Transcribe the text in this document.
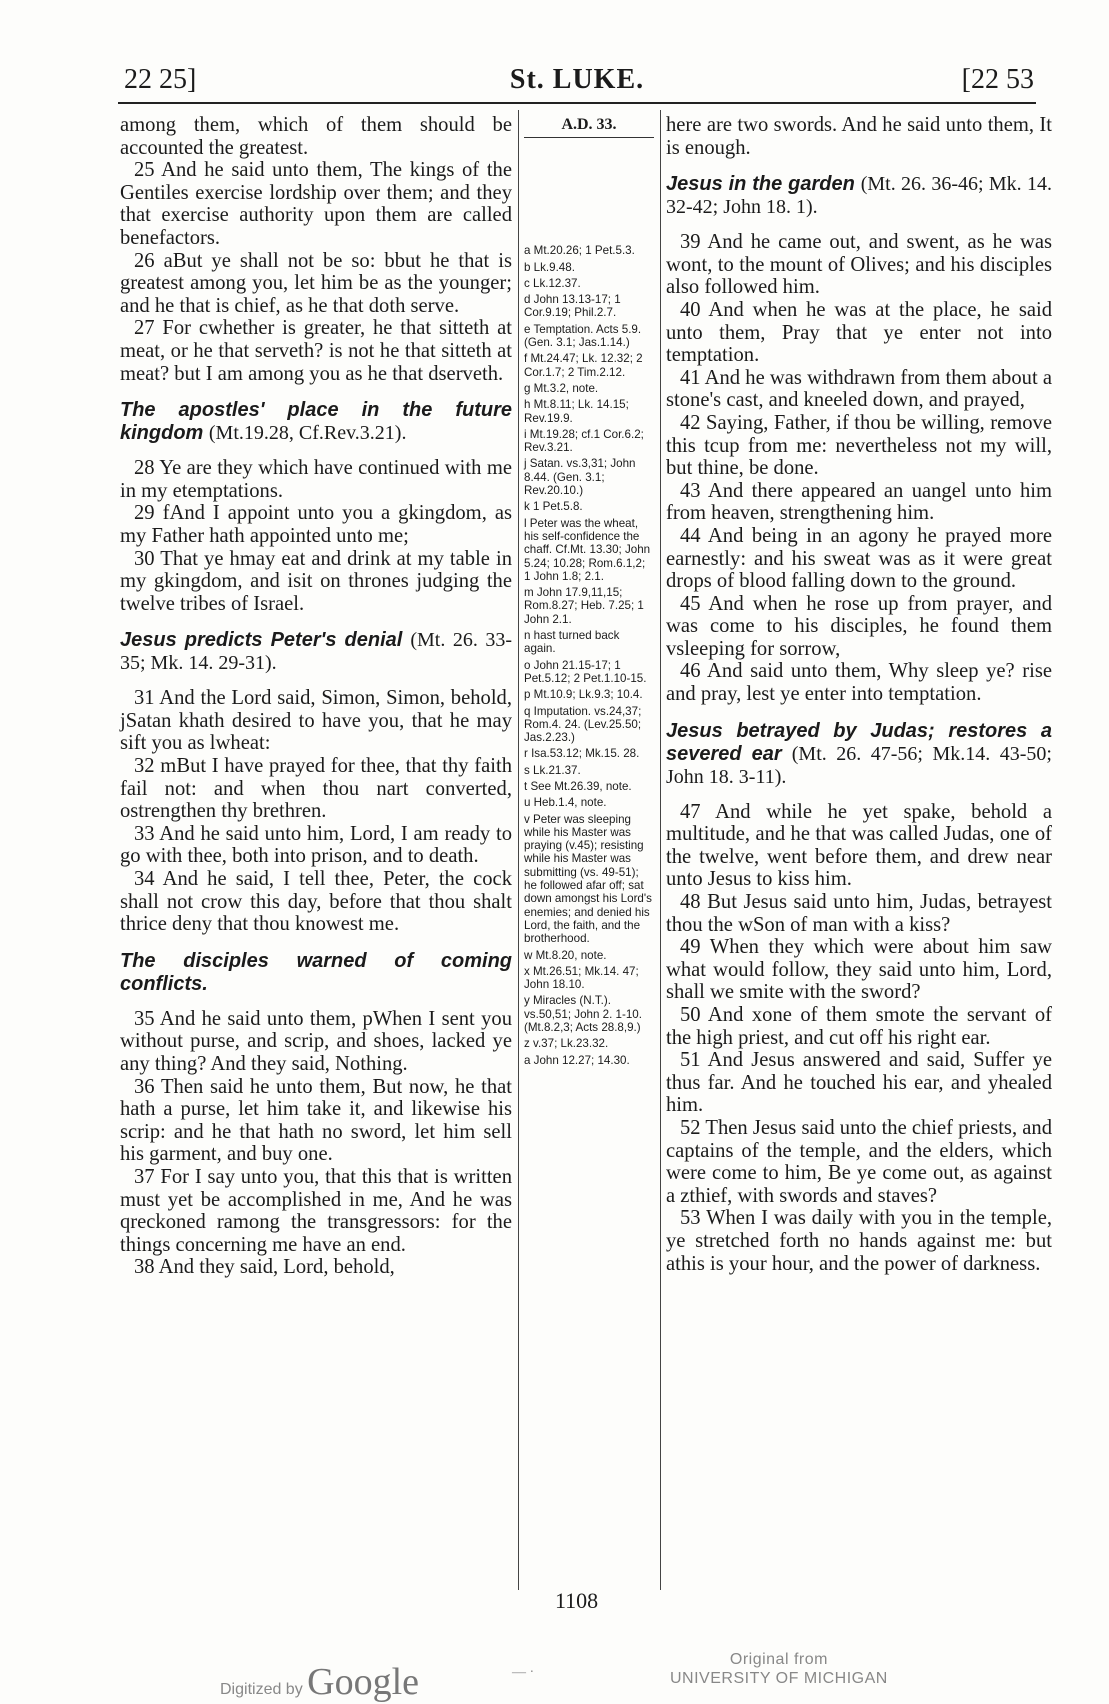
22 25]	St. LUKE.	[22 53

among them, which of them should be accounted the greatest.

25 And he said unto them, The kings of the Gentiles exercise lordship over them; and they that exercise authority upon them are called benefactors.

26 aBut ye shall not be so: bbut he that is greatest among you, let him be as the younger; and he that is chief, as he that doth serve.

27 For cwhether is greater, he that sitteth at meat, or he that serveth? is not he that sitteth at meat? but I am among you as he that dserveth.

The apostles' place in the future kingdom (Mt.19.28, Cf.Rev.3.21).

28 Ye are they which have continued with me in my etemptations.

29 fAnd I appoint unto you a gkingdom, as my Father hath appointed unto me;

30 That ye hmay eat and drink at my table in my gkingdom, and isit on thrones judging the twelve tribes of Israel.

Jesus predicts Peter's denial (Mt. 26. 33-35; Mk. 14. 29-31).

31 And the Lord said, Simon, Simon, behold, jSatan khath desired to have you, that he may sift you as lwheat:

32 mBut I have prayed for thee, that thy faith fail not: and when thou nart converted, ostrengthen thy brethren.

33 And he said unto him, Lord, I am ready to go with thee, both into prison, and to death.

34 And he said, I tell thee, Peter, the cock shall not crow this day, before that thou shalt thrice deny that thou knowest me.

The disciples warned of coming conflicts.

35 And he said unto them, pWhen I sent you without purse, and scrip, and shoes, lacked ye any thing? And they said, Nothing.

36 Then said he unto them, But now, he that hath a purse, let him take it, and likewise his scrip: and he that hath no sword, let him sell his garment, and buy one.

37 For I say unto you, that this that is written must yet be accomplished in me, And he was qreckoned ramong the transgressors: for the things concerning me have an end.

38 And they said, Lord, behold,

A.D. 33.
a Mt.20.26; 1 Pet.5.3.
b Lk.9.48.
c Lk.12.37.
d John 13.13-17; 1 Cor.9.19; Phil.2.7.
e Temptation. Acts 5.9. (Gen. 3.1; Jas.1.14.)
f Mt.24.47; Lk. 12.32; 2 Cor.1.7; 2 Tim.2.12.
g Mt.3.2, note.
h Mt.8.11; Lk. 14.15; Rev.19.9.
i Mt.19.28; cf.1 Cor.6.2; Rev.3.21.
j Satan. vs.3,31; John 8.44. (Gen. 3.1; Rev.20.10.)
k 1 Pet.5.8.
l Peter was the wheat, his self-confidence the chaff. Cf.Mt. 13.30; John 5.24; 10.28; Rom.6.1,2; 1 John 1.8; 2.1.
m John 17.9,11,15; Rom.8.27; Heb. 7.25; 1 John 2.1.
n hast turned back again.
o John 21.15-17; 1 Pet.5.12; 2 Pet.1.10-15.
p Mt.10.9; Lk.9.3; 10.4.
q Imputation. vs.24,37; Rom.4. 24. (Lev.25.50; Jas.2.23.)
r Isa.53.12; Mk.15. 28.
s Lk.21.37.
t See Mt.26.39, note.
u Heb.1.4, note.
v Peter was sleeping while his Master was praying (v.45); resisting while his Master was submitting (vs. 49-51); he followed afar off; sat down amongst his Lord's enemies; and denied his Lord, the faith, and the brotherhood.
w Mt.8.20, note.
x Mt.26.51; Mk.14. 47; John 18.10.
y Miracles (N.T.). vs.50,51; John 2. 1-10. (Mt.8.2,3; Acts 28.8,9.)
z v.37; Lk.23.32.
a John 12.27; 14.30.

here are two swords. And he said unto them, It is enough.

Jesus in the garden (Mt. 26. 36-46; Mk. 14. 32-42; John 18. 1).

39 And he came out, and swent, as he was wont, to the mount of Olives; and his disciples also followed him.

40 And when he was at the place, he said unto them, Pray that ye enter not into temptation.

41 And he was withdrawn from them about a stone's cast, and kneeled down, and prayed,

42 Saying, Father, if thou be willing, remove this tcup from me: nevertheless not my will, but thine, be done.

43 And there appeared an uangel unto him from heaven, strengthening him.

44 And being in an agony he prayed more earnestly: and his sweat was as it were great drops of blood falling down to the ground.

45 And when he rose up from prayer, and was come to his disciples, he found them vsleeping for sorrow,

46 And said unto them, Why sleep ye? rise and pray, lest ye enter into temptation.

Jesus betrayed by Judas; restores a severed ear (Mt. 26. 47-56; Mk.14. 43-50; John 18. 3-11).

47 And while he yet spake, behold a multitude, and he that was called Judas, one of the twelve, went before them, and drew near unto Jesus to kiss him.

48 But Jesus said unto him, Judas, betrayest thou the wSon of man with a kiss?

49 When they which were about him saw what would follow, they said unto him, Lord, shall we smite with the sword?

50 And xone of them smote the servant of the high priest, and cut off his right ear.

51 And Jesus answered and said, Suffer ye thus far. And he touched his ear, and yhealed him.

52 Then Jesus said unto the chief priests, and captains of the temple, and the elders, which were come to him, Be ye come out, as against a zthief, with swords and staves?

53 When I was daily with you in the temple, ye stretched forth no hands against me: but athis is your hour, and the power of darkness.

1108
Digitized by Google	— ·
Original from
UNIVERSITY OF MICHIGAN
